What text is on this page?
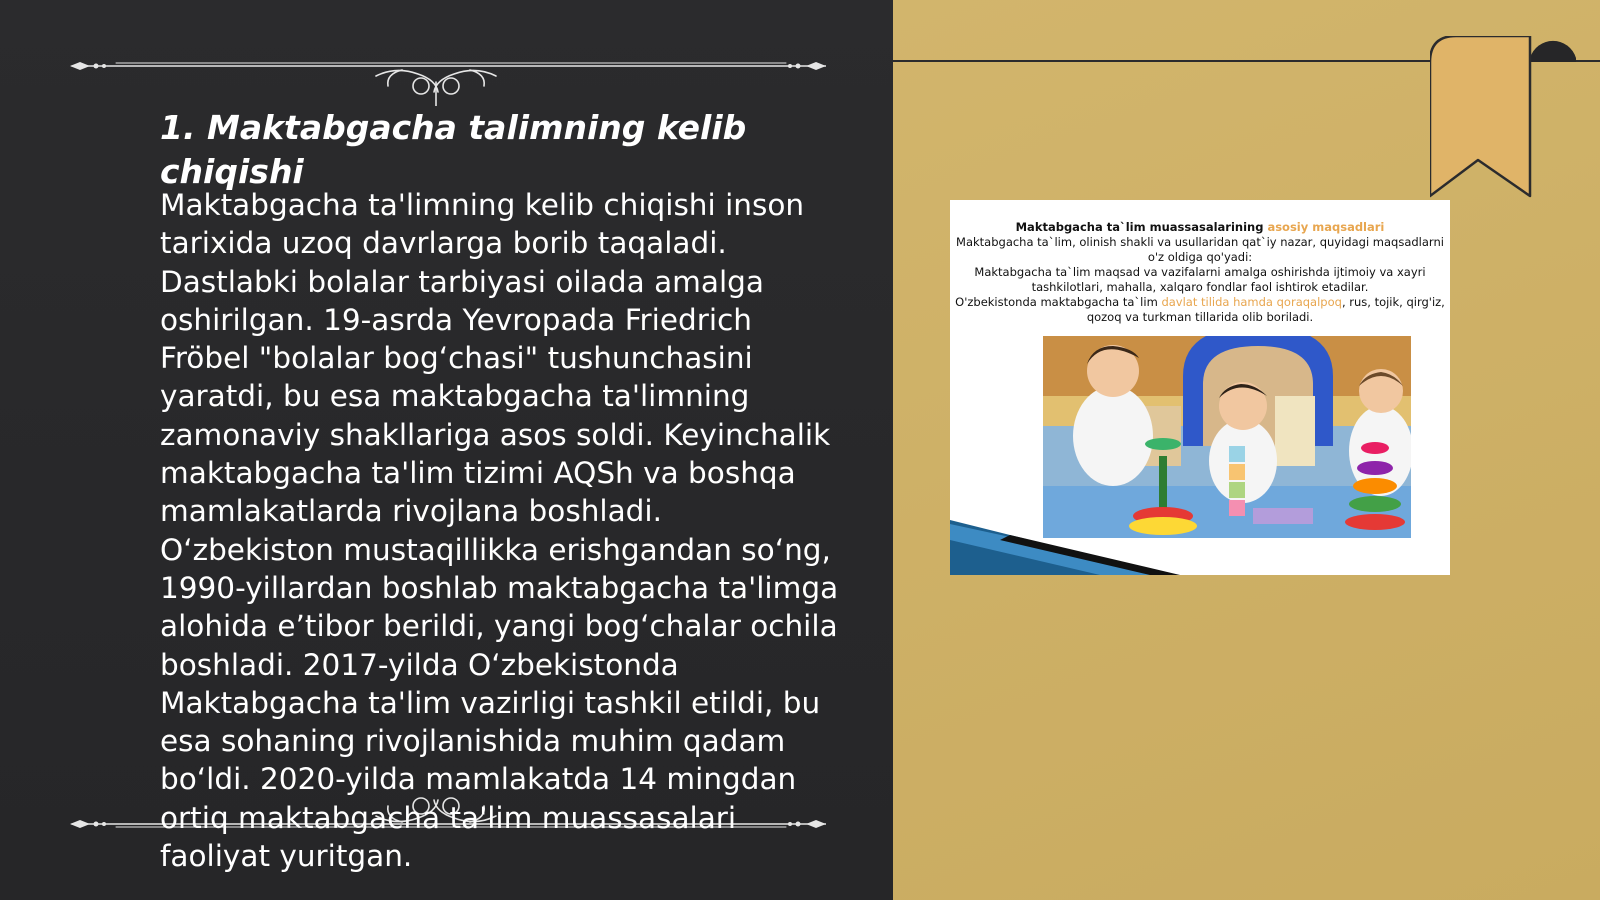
1. Maktabgacha talimning kelib chiqishi

Maktabgacha ta'limning kelib chiqishi inson tarixida uzoq davrlarga borib taqaladi. Dastlabki bolalar tarbiyasi oilada amalga oshirilgan. 19-asrda Yevropada Friedrich Fröbel "bolalar bogʻchasi" tushunchasini yaratdi, bu esa maktabgacha ta'limning zamonaviy shakllariga asos soldi. Keyinchalik maktabgacha ta'lim tizimi AQSh va boshqa mamlakatlarda rivojlana boshladi. Oʻzbekiston mustaqillikka erishgandan soʻng, 1990-yillardan boshlab maktabgacha ta'limga alohida eʼtibor berildi, yangi bogʻchalar ochila boshladi. 2017-yilda Oʻzbekistonda Maktabgacha ta'lim vazirligi tashkil etildi, bu esa sohaning rivojlanishida muhim qadam boʻldi. 2020-yilda mamlakatda 14 mingdan ortiq maktabgacha ta'lim muassasalari faoliyat yuritgan.

Maktabgacha ta`lim muassasalarining asosiy maqsadlari
Maktabgacha ta`lim, olinish shakli va usullaridan qat`iy nazar, quyidagi maqsadlarni o'z oldiga qo'yadi:
Maktabgacha ta`lim maqsad va vazifalarni amalga oshirishda ijtimoiy va xayri tashkilotlari, mahalla, xalqaro fondlar faol ishtirok etadilar.
O'zbekistonda maktabgacha ta`lim davlat tilida hamda qoraqalpoq, rus, tojik, qirg'iz, qozoq va turkman tillarida olib boriladi.
